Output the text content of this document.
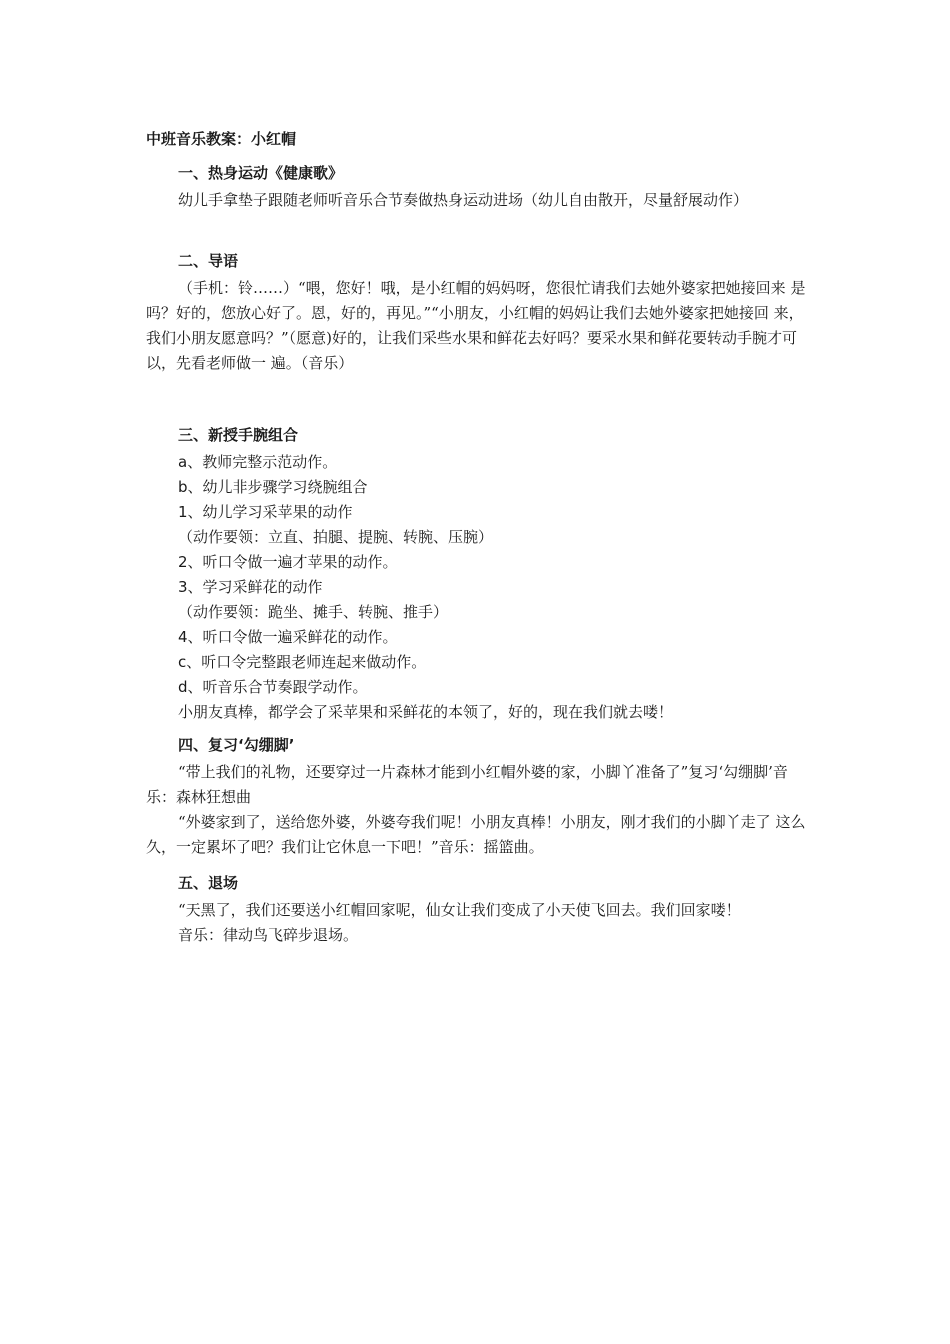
中班音乐教案：小红帽
一、热身运动《健康歌》

幼儿手拿垫子跟随老师听音乐合节奏做热身运动进场（幼儿自由散开，尽量舒展动作）

二、导语

（手机：铃……）“喂，您好！哦，是小红帽的妈妈呀，您很忙请我们去她外婆家把她接回来 是吗？好的，您放心好了。恩，好的，再见。”“小朋友，小红帽的妈妈让我们去她外婆家把她接回 来，我们小朋友愿意吗？”（愿意)好的，让我们采些水果和鲜花去好吗？要采水果和鲜花要转动手腕才可以，先看老师做一 遍。（音乐）

三、新授手腕组合

a、教师完整示范动作。

b、幼儿非步骤学习绕腕组合

1、幼儿学习采苹果的动作

（动作要领：立直、拍腿、提腕、转腕、压腕）

2、听口令做一遍才苹果的动作。

3、学习采鲜花的动作

（动作要领：跪坐、摊手、转腕、推手）

4、听口令做一遍采鲜花的动作。

c、听口令完整跟老师连起来做动作。

d、听音乐合节奏跟学动作。

小朋友真棒，都学会了采苹果和采鲜花的本领了，好的，现在我们就去喽！

四、复习‘勾绷脚’

“带上我们的礼物，还要穿过一片森林才能到小红帽外婆的家，小脚丫准备了”复习‘勾绷脚’音乐：森林狂想曲

“外婆家到了，送给您外婆，外婆夸我们呢！小朋友真棒！小朋友，刚才我们的小脚丫走了 这么久，一定累坏了吧？我们让它休息一下吧！”音乐：摇篮曲。

五、退场

“天黑了，我们还要送小红帽回家呢，仙女让我们变成了小天使飞回去。我们回家喽！

音乐：律动鸟飞碎步退场。
